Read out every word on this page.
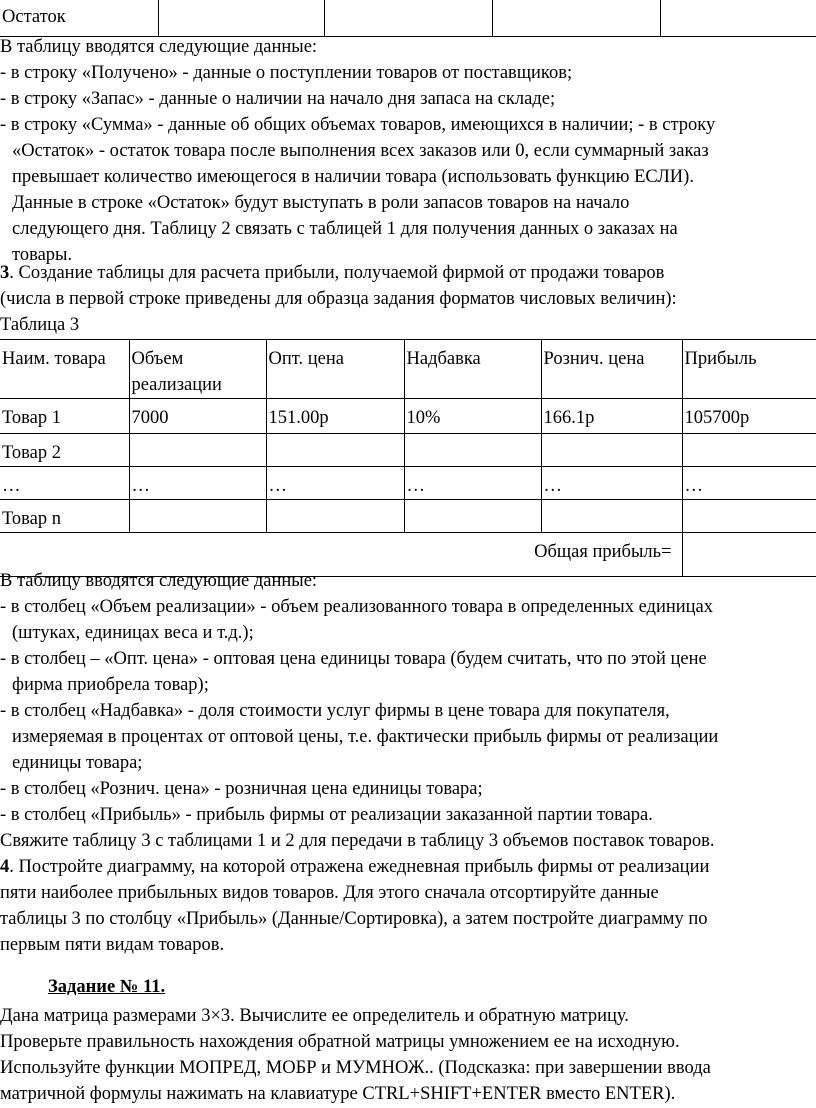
Остаток				
В таблицу вводятся следующие данные:
- в строку «Получено» - данные о поступлении товаров от поставщиков;
- в строку «Запас» - данные о наличии на начало дня запаса на складе;
- в строку «Сумма» - данные об общих объемах товаров, имеющихся в наличии; - в строку
«Остаток» - остаток товара после выполнения всех заказов или 0, если суммарный заказ
превышает количество имеющегося в наличии товара (использовать функцию ЕСЛИ).
Данные в строке «Остаток» будут выступать в роли запасов товаров на начало
следующего дня. Таблицу 2 связать с таблицей 1 для получения данных о заказах на
товары.
3. Создание таблицы для расчета прибыли, получаемой фирмой от продажи товаров
(числа в первой строке приведены для образца задания форматов числовых величин):
Таблица 3
Наим. товара	Объем реализации	Опт. цена	Надбавка	Рознич. цена	Прибыль
Товар 1	7000	151.00р	10%	166.1р	105700р
Товар 2					
…	…	…	…	…	…
Товар n					
Общая прибыль=					
В таблицу вводятся следующие данные:
- в столбец «Объем реализации» - объем реализованного товара в определенных единицах
(штуках, единицах веса и т.д.);
- в столбец – «Опт. цена» - оптовая цена единицы товара (будем считать, что по этой цене
фирма приобрела товар);
- в столбец «Надбавка» - доля стоимости услуг фирмы в цене товара для покупателя,
измеряемая в процентах от оптовой цены, т.е. фактически прибыль фирмы от реализации
единицы товара;
- в столбец «Рознич. цена» - розничная цена единицы товара;
- в столбец «Прибыль» - прибыль фирмы от реализации заказанной партии товара.
Свяжите таблицу 3 с таблицами 1 и 2 для передачи в таблицу 3 объемов поставок товаров.
4. Постройте диаграмму, на которой отражена ежедневная прибыль фирмы от реализации
пяти наиболее прибыльных видов товаров. Для этого сначала отсортируйте данные
таблицы 3 по столбцу «Прибыль» (Данные/Сортировка), а затем постройте диаграмму по
первым пяти видам товаров.
Задание № 11.
Дана матрица размерами 3×3. Вычислите ее определитель и обратную матрицу.
Проверьте правильность нахождения обратной матрицы умножением ее на исходную.
Используйте функции МОПРЕД, МОБР и МУМНОЖ.. (Подсказка: при завершении ввода
матричной формулы нажимать на клавиатуре CTRL+SHIFT+ENTER вместо ENTER).
